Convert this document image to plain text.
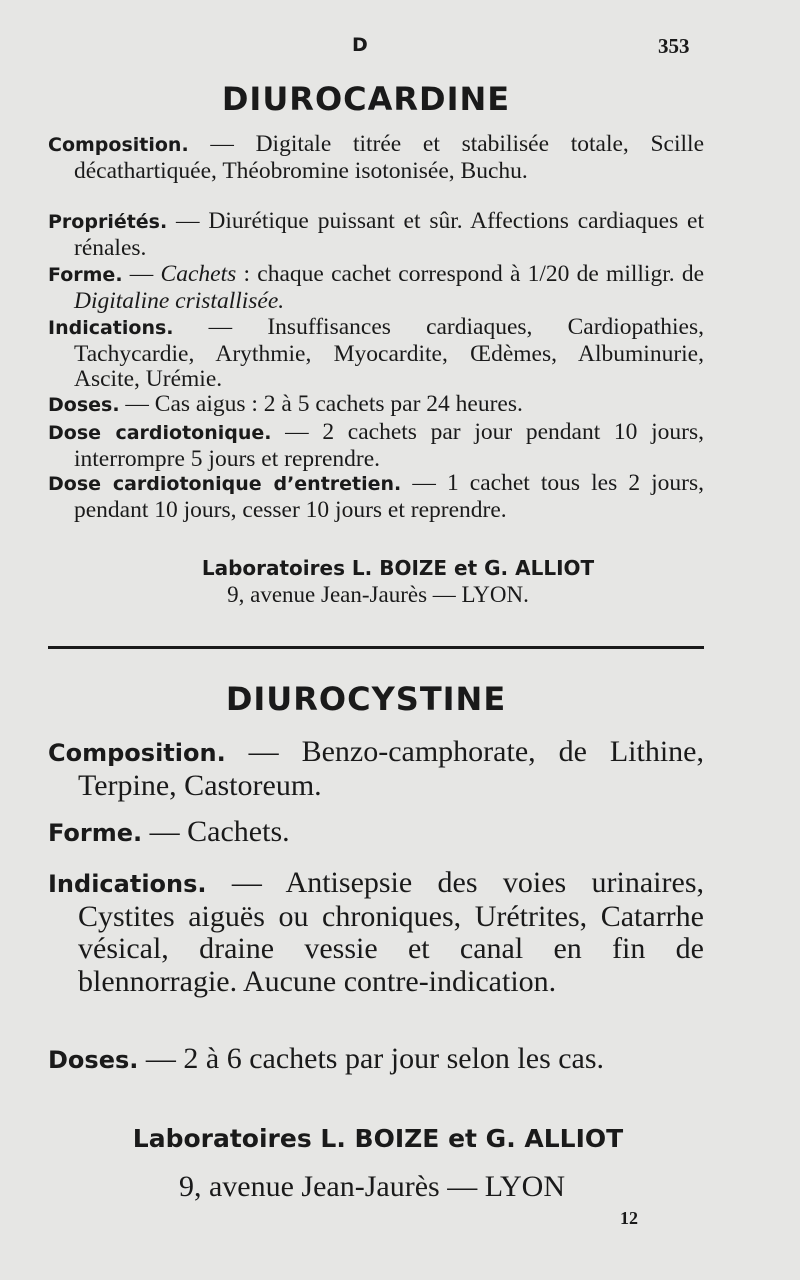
D	353
DIUROCARDINE

Composition. — Digitale titrée et stabilisée totale, Scille décathartiquée, Théobromine isotonisée, Buchu.

Propriétés. — Diurétique puissant et sûr. Affections cardiaques et rénales.

Forme. — Cachets : chaque cachet correspond à 1/20 de milligr. de Digitaline cristallisée.

Indications. — Insuffisances cardiaques, Cardiopathies, Tachycardie, Arythmie, Myocardite, Œdèmes, Albuminurie, Ascite, Urémie.

Doses. — Cas aigus : 2 à 5 cachets par 24 heures.

Dose cardiotonique. — 2 cachets par jour pendant 10 jours, interrompre 5 jours et reprendre.

Dose cardiotonique d’entretien. — 1 cachet tous les 2 jours, pendant 10 jours, cesser 10 jours et reprendre.

Laboratoires L. BOIZE et G. ALLIOT

9, avenue Jean-Jaurès — LYON.

DIUROCYSTINE

Composition. — Benzo-camphorate, de Lithine, Terpine, Castoreum.

Forme. — Cachets.

Indications. — Antisepsie des voies urinaires, Cystites aiguës ou chroniques, Urétrites, Catarrhe vésical, draine vessie et canal en fin de blennorragie. Aucune contre-indication.

Doses. — 2 à 6 cachets par jour selon les cas.

Laboratoires L. BOIZE et G. ALLIOT

9, avenue Jean-Jaurès — LYON

12
